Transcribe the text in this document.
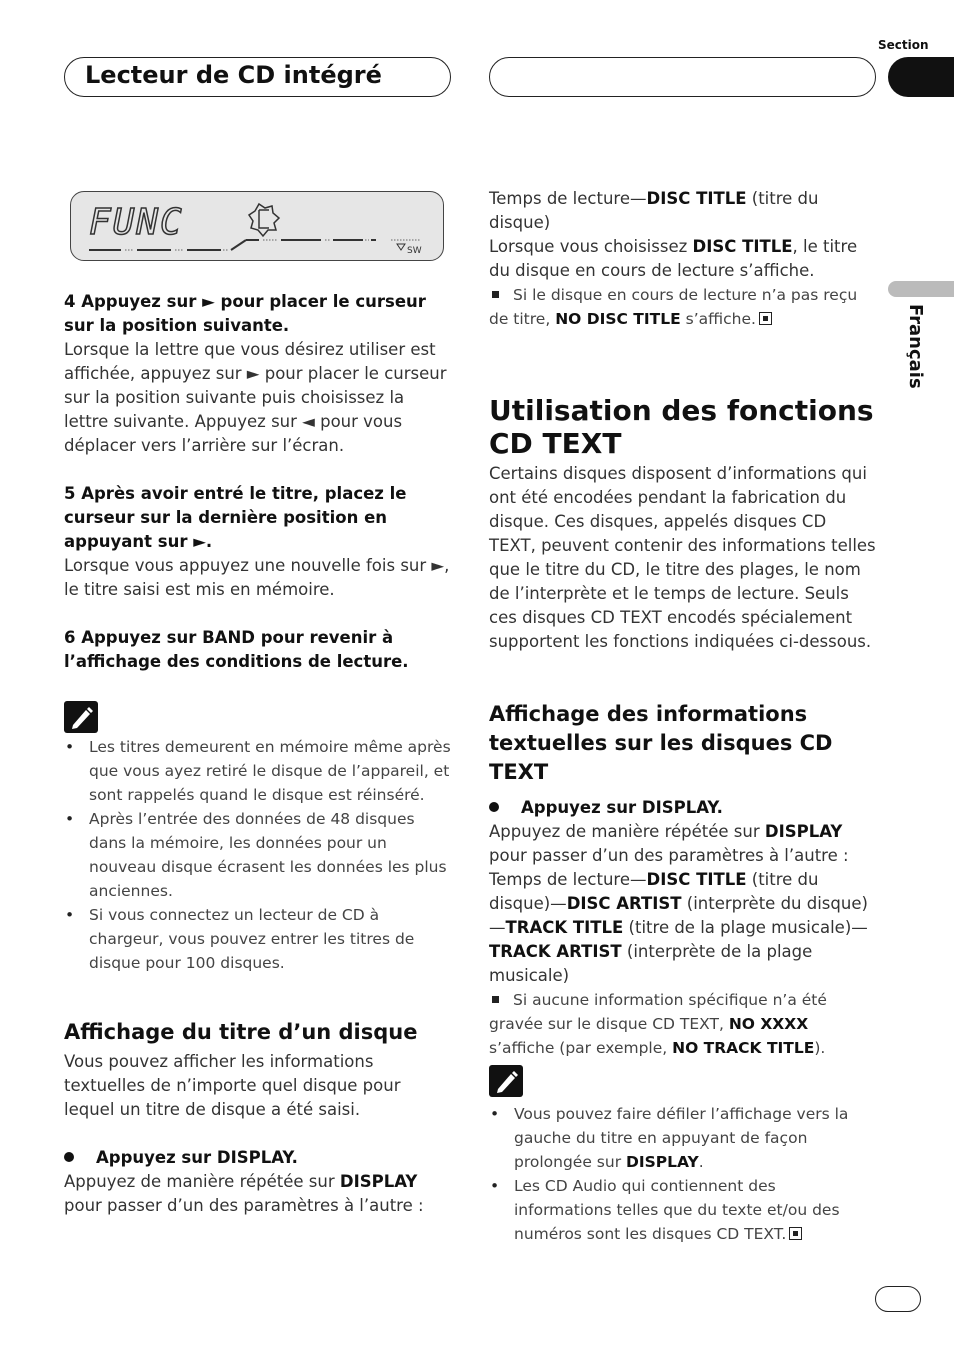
Section
Lecteur de CD intégré
Français
FUNC
SW

4 Appuyez sur ► pour placer le curseur sur la position suivante.

Lorsque la lettre que vous désirez utiliser est affichée, appuyez sur ► pour placer le curseur sur la position suivante puis choisissez la lettre suivante. Appuyez sur ◄ pour vous déplacer vers l’arrière sur l’écran.

5 Après avoir entré le titre, placez le curseur sur la dernière position en appuyant sur ►.

Lorsque vous appuyez une nouvelle fois sur ►, le titre saisi est mis en mémoire.

6 Appuyez sur BAND pour revenir à l’affichage des conditions de lecture.

• Les titres demeurent en mémoire même après que vous ayez retiré le disque de l’appareil, et sont rappelés quand le disque est réinséré.
• Après l’entrée des données de 48 disques dans la mémoire, les données pour un nouveau disque écrasent les données les plus anciennes.
• Si vous connectez un lecteur de CD à chargeur, vous pouvez entrer les titres de disque pour 100 disques.
Affichage du titre d’un disque

Vous pouvez afficher les informations textuelles de n’importe quel disque pour lequel un titre de disque a été saisi.

Appuyez sur DISPLAY.

Appuyez de manière répétée sur DISPLAY pour passer d’un des paramètres à l’autre :

Temps de lecture—DISC TITLE (titre du disque)

Lorsque vous choisissez DISC TITLE, le titre du disque en cours de lecture s’affiche.

Si le disque en cours de lecture n’a pas reçu de titre, NO DISC TITLE s’affiche.

Utilisation des fonctions CD TEXT

Certains disques disposent d’informations qui ont été encodées pendant la fabrication du disque. Ces disques, appelés disques CD TEXT, peuvent contenir des informations telles que le titre du CD, le titre des plages, le nom de l’interprète et le temps de lecture. Seuls ces disques CD TEXT encodés spécialement supportent les fonctions indiquées ci-dessous.

Affichage des informations textuelles sur les disques CD TEXT

Appuyez sur DISPLAY.

Appuyez de manière répétée sur DISPLAY pour passer d’un des paramètres à l’autre : Temps de lecture—DISC TITLE (titre du disque)—DISC ARTIST (interprète du disque)—TRACK TITLE (titre de la plage musicale)—TRACK ARTIST (interprète de la plage musicale)

Si aucune information spécifique n’a été gravée sur le disque CD TEXT, NO XXXX s’affiche (par exemple, NO TRACK TITLE).

• Vous pouvez faire défiler l’affichage vers la gauche du titre en appuyant de façon prolongée sur DISPLAY.
• Les CD Audio qui contiennent des informations telles que du texte et/ou des numéros sont les disques CD TEXT.
